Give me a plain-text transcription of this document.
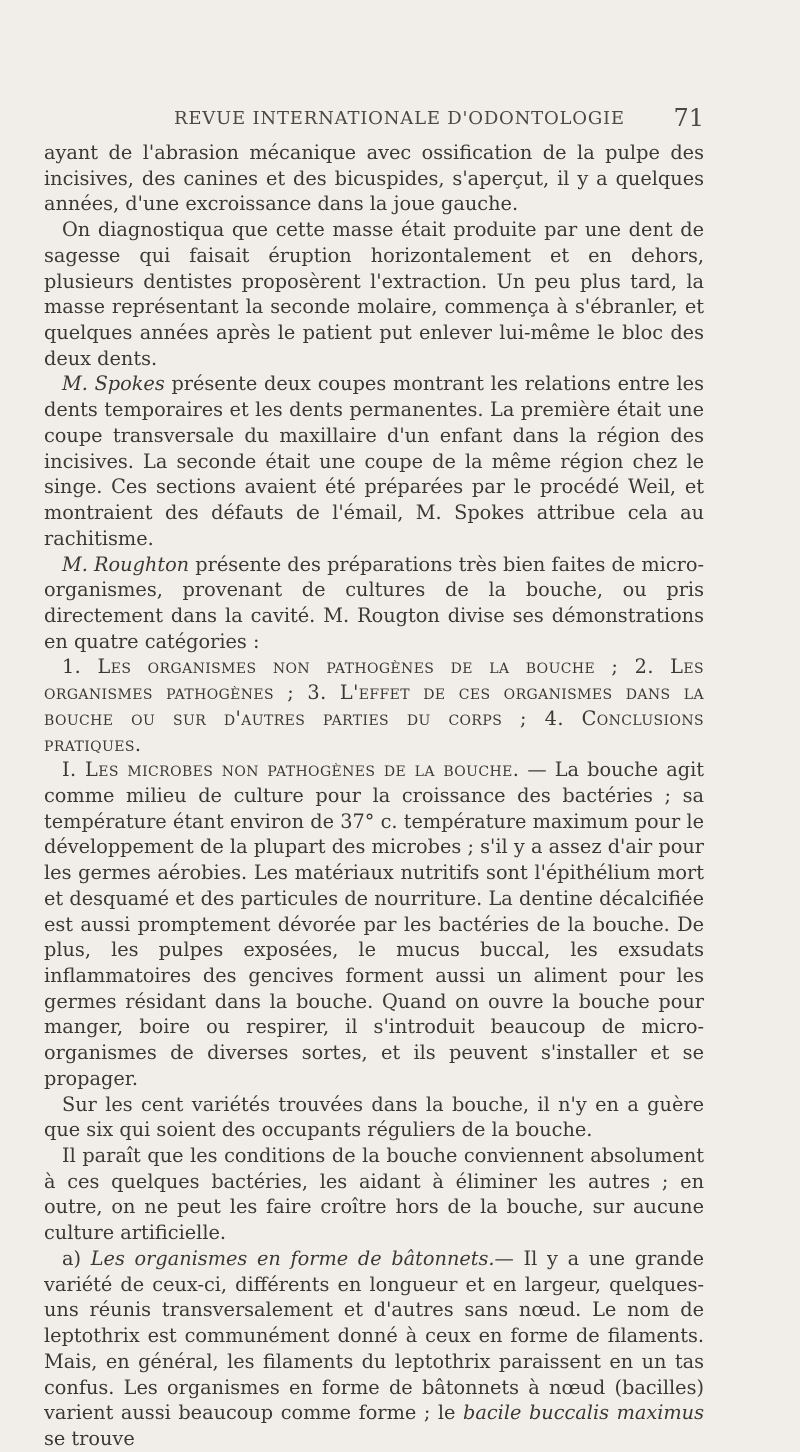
REVUE INTERNATIONALE D'ODONTOLOGIE 71

ayant de l'abrasion mécanique avec ossification de la pulpe des incisives, des canines et des bicuspides, s'aperçut, il y a quelques années, d'une excroissance dans la joue gauche.

On diagnostiqua que cette masse était produite par une dent de sagesse qui faisait éruption horizontalement et en dehors, plusieurs dentistes proposèrent l'extraction. Un peu plus tard, la masse représentant la seconde molaire, commença à s'ébranler, et quelques années après le patient put enlever lui-même le bloc des deux dents.

M. Spokes présente deux coupes montrant les relations entre les dents temporaires et les dents permanentes. La première était une coupe transversale du maxillaire d'un enfant dans la région des incisives. La seconde était une coupe de la même région chez le singe. Ces sections avaient été préparées par le procédé Weil, et montraient des défauts de l'émail, M. Spokes attribue cela au rachitisme.

M. Roughton présente des préparations très bien faites de micro-organismes, provenant de cultures de la bouche, ou pris directement dans la cavité. M. Rougton divise ses démonstrations en quatre catégories :

1. Les organismes non pathogènes de la bouche ; 2. Les organismes pathogènes ; 3. L'effet de ces organismes dans la bouche ou sur d'autres parties du corps ; 4. Conclusions pratiques.

I. Les microbes non pathogènes de la bouche. — La bouche agit comme milieu de culture pour la croissance des bactéries ; sa température étant environ de 37° c. température maximum pour le développement de la plupart des microbes ; s'il y a assez d'air pour les germes aérobies. Les matériaux nutritifs sont l'épithélium mort et desquamé et des particules de nourriture. La dentine décalcifiée est aussi promptement dévorée par les bactéries de la bouche. De plus, les pulpes exposées, le mucus buccal, les exsudats inflammatoires des gencives forment aussi un aliment pour les germes résidant dans la bouche. Quand on ouvre la bouche pour manger, boire ou respirer, il s'introduit beaucoup de micro-organismes de diverses sortes, et ils peuvent s'installer et se propager.

Sur les cent variétés trouvées dans la bouche, il n'y en a guère que six qui soient des occupants réguliers de la bouche.

Il paraît que les conditions de la bouche conviennent absolument à ces quelques bactéries, les aidant à éliminer les autres ; en outre, on ne peut les faire croître hors de la bouche, sur aucune culture artificielle.

a) Les organismes en forme de bâtonnets.— Il y a une grande variété de ceux-ci, différents en longueur et en largeur, quelques-uns réunis transversalement et d'autres sans nœud. Le nom de leptothrix est communément donné à ceux en forme de filaments. Mais, en général, les filaments du leptothrix paraissent en un tas confus. Les organismes en forme de bâtonnets à nœud (bacilles) varient aussi beaucoup comme forme ; le bacile buccalis maximus se trouve
